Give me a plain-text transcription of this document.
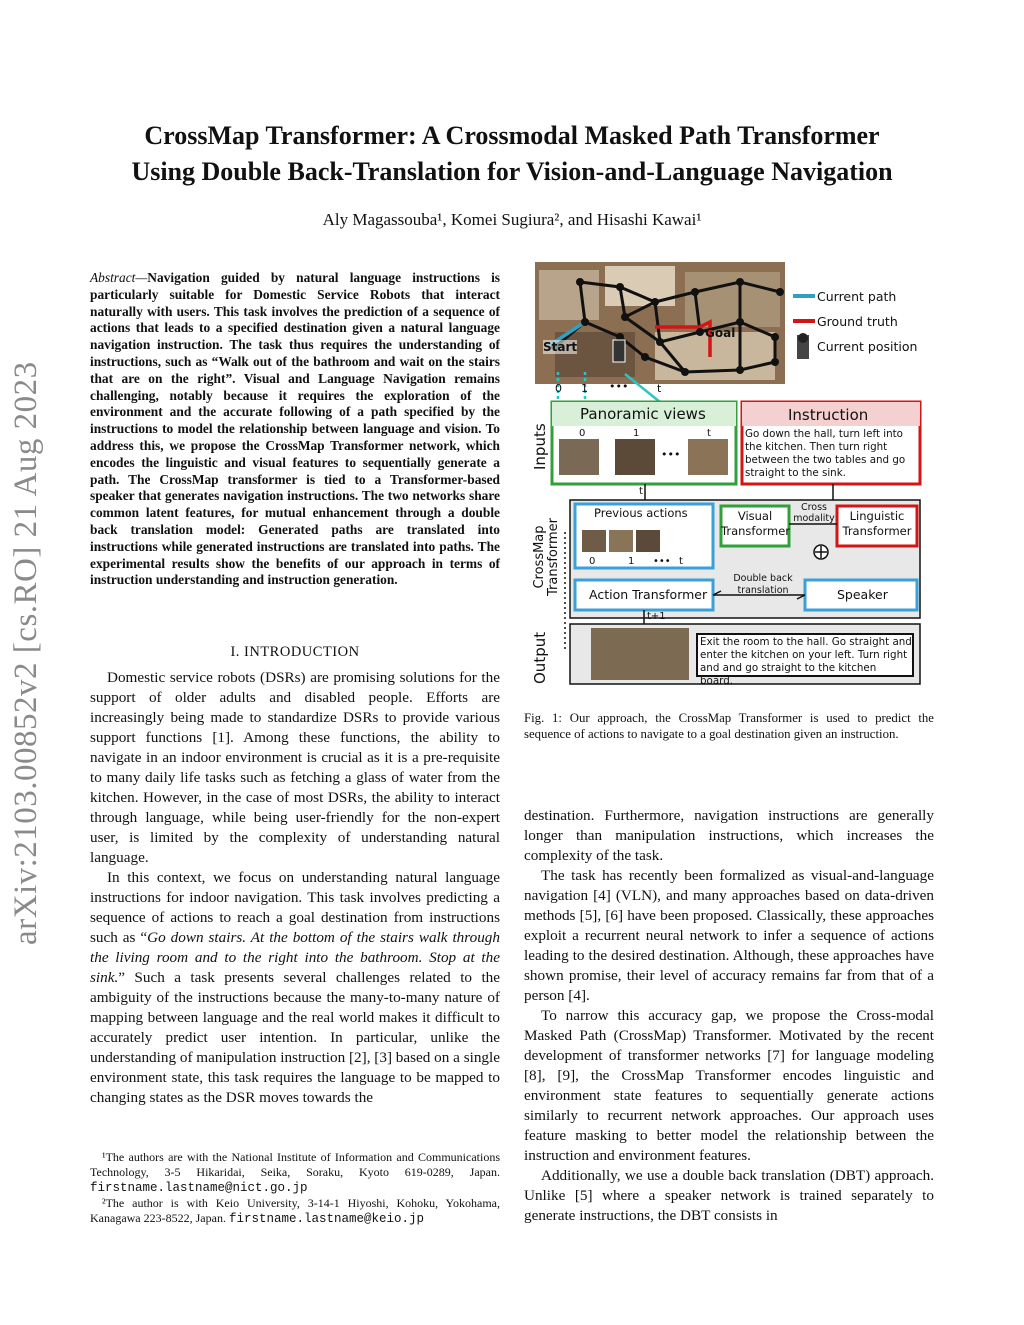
CrossMap Transformer: A Crossmodal Masked Path Transformer
Using Double Back-Translation for Vision-and-Language Navigation
Aly Magassouba¹, Komei Sugiura², and Hisashi Kawai¹
arXiv:2103.00852v2 [cs.RO] 21 Aug 2023
Abstract—Navigation guided by natural language instructions is particularly suitable for Domestic Service Robots that interact naturally with users. This task involves the prediction of a sequence of actions that leads to a specified destination given a natural language navigation instruction. The task thus requires the understanding of instructions, such as “Walk out of the bathroom and wait on the stairs that are on the right”. Visual and Language Navigation remains challenging, notably because it requires the exploration of the environment and the accurate following of a path specified by the instructions to model the relationship between language and vision. To address this, we propose the CrossMap Transformer network, which encodes the linguistic and visual features to sequentially generate a path. The CrossMap transformer is tied to a Transformer-based speaker that generates navigation instructions. The two networks share common latent features, for mutual enhancement through a double back translation model: Generated paths are translated into instructions while generated instructions are translated into paths. The experimental results show the benefits of our approach in terms of instruction understanding and instruction generation.
I. INTRODUCTION

Domestic service robots (DSRs) are promising solutions for the support of older adults and disabled people. Efforts are increasingly being made to standardize DSRs to provide various support functions [1]. Among these functions, the ability to navigate in an indoor environment is crucial as it is a pre-requisite to many daily life tasks such as fetching a glass of water from the kitchen. However, in the case of most DSRs, the ability to interact through language, while being user-friendly for the non-expert user, is limited by the complexity of understanding natural language.

In this context, we focus on understanding natural language instructions for indoor navigation. This task involves predicting a sequence of actions to reach a goal destination from instructions such as “Go down stairs. At the bottom of the stairs walk through the living room and to the right into the bathroom. Stop at the sink.” Such a task presents several challenges related to the ambiguity of the instructions because the many-to-many nature of mapping between language and the real world makes it difficult to accurately predict user intention. In particular, unlike the understanding of manipulation instruction [2], [3] based on a single environment state, this task requires the language to be mapped to changing states as the DSR moves towards the

¹The authors are with the National Institute of Information and Communications Technology, 3-5 Hikaridai, Seika, Soraku, Kyoto 619-0289, Japan. firstname.lastname@nict.go.jp
²The author is with Keio University, 3-14-1 Hiyoshi, Kohoku, Yokohama, Kanagawa 223-8522, Japan. firstname.lastname@keio.jp
Current path
Ground truth
Current position
Start
Goal
0 1 •••	t
Inputs
Panoramic views
0	1	t
•••
Instruction
Go down the hall, turn left into the kitchen. Then turn right between the two tables and go straight to the sink.
t
CrossMap Transformer
Previous actions
0	1 ••• t
Visual Transformer
Cross modality	Linguistic Transformer
Double back translation
Action Transformer	Speaker
t+1
Output	Exit the room to the hall. Go straight and enter the kitchen on your left. Turn right and and go straight to the kitchen board.
Fig. 1: Our approach, the CrossMap Transformer is used to predict the sequence of actions to navigate to a goal destination given an instruction.

destination. Furthermore, navigation instructions are generally longer than manipulation instructions, which increases the complexity of the task.

The task has recently been formalized as visual-and-language navigation [4] (VLN), and many approaches based on data-driven methods [5], [6] have been proposed. Classically, these approaches exploit a recurrent neural network to infer a sequence of actions leading to the desired destination. Although, these approaches have shown promise, their level of accuracy remains far from that of a person [4].

To narrow this accuracy gap, we propose the Cross-modal Masked Path (CrossMap) Transformer. Motivated by the recent development of transformer networks [7] for language modeling [8], [9], the CrossMap Transformer encodes linguistic and environment state features to sequentially generate actions similarly to recurrent network approaches. Our approach uses feature masking to better model the relationship between the instruction and environment features.

Additionally, we use a double back translation (DBT) approach. Unlike [5] where a speaker network is trained separately to generate instructions, the DBT consists in
